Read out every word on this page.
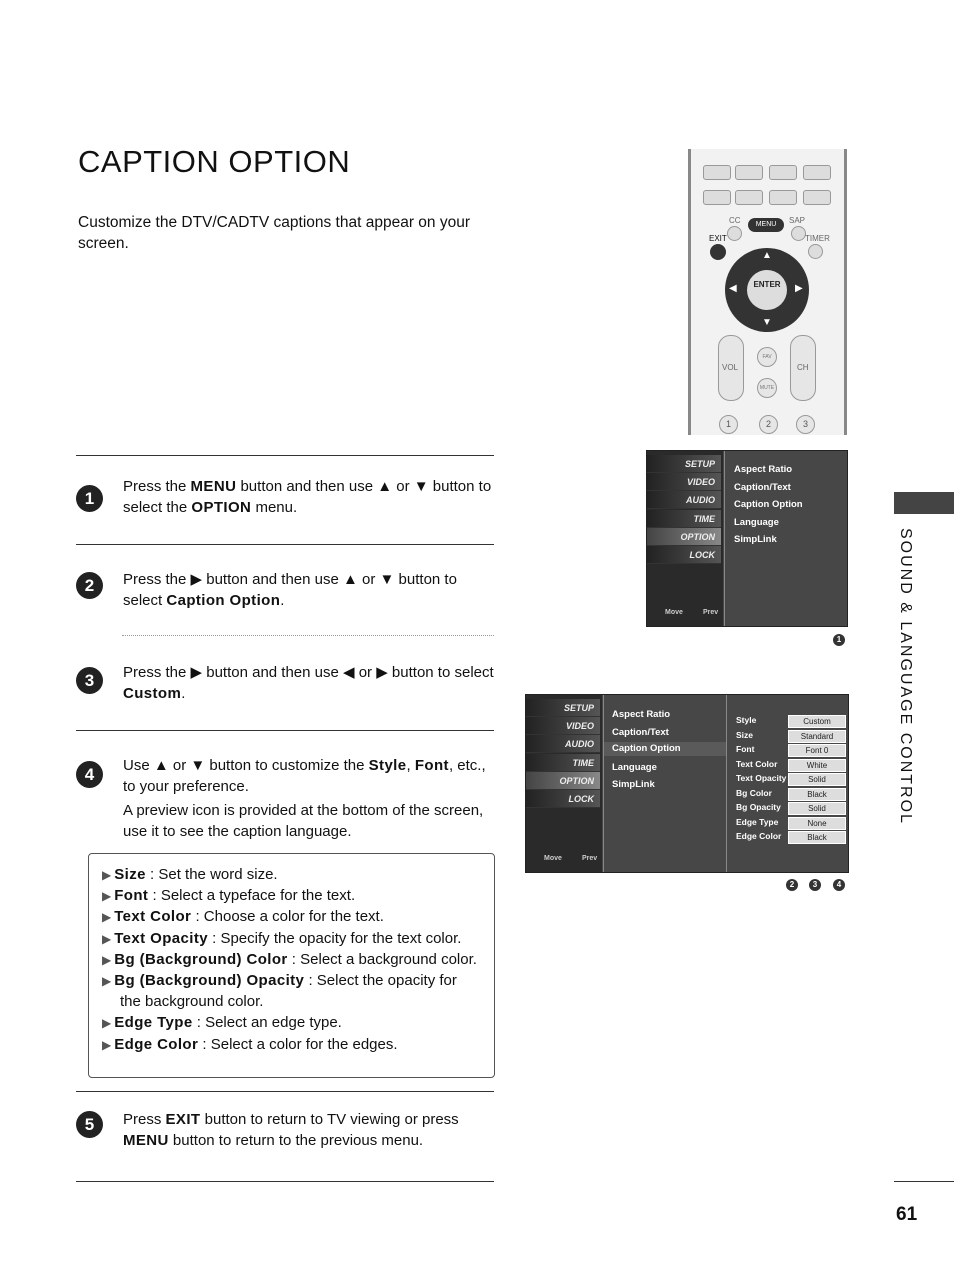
CAPTION OPTION
Customize the DTV/CADTV captions that appear on your screen.
1
Press the MENU button and then use ▲ or ▼ button to select the OPTION menu.
2	Press the ▶ button and then use ▲ or ▼ button to select Caption Option.
3	Press the ▶ button and then use ◀ or ▶ button to select Custom.
4	Use ▲ or ▼ button to customize the Style, Font, etc., to your preference.
A preview icon is provided at the bottom of the screen, use it to see the caption language.
▶ Size : Set the word size.
▶ Font : Select a typeface for the text.
▶ Text Color : Choose a color for the text.
▶ Text Opacity : Specify the opacity for the text color.
▶ Bg (Background) Color : Select a background color.
▶ Bg (Background) Opacity : Select the opacity for
the background color.
▶ Edge Type : Select an edge type.
▶ Edge Color : Select a color for the edges.
5	Press EXIT button to return to TV viewing or press MENU button to return to the previous menu.
SOUND & LANGUAGE CONTROL
61
CC	SAP
MENU
EXIT	TIMER
ENTER
▲
▼
◀	▶
VOL	CH
FAV
MUTE
1	2	3
SETUP
VIDEO
AUDIO
TIME
OPTION
LOCK
Aspect Ratio
Caption/Text
Caption Option
Language
SimpLink
Move	Prev
1
SETUP
VIDEO
AUDIO
TIME
OPTION
LOCK
Aspect Ratio
Caption/Text
Caption Option
Language
SimpLink
Style	Custom
Size	Standard
Font	Font 0
Text Color	White
Text Opacity	Solid
Bg Color	Black
Bg Opacity	Solid
Edge Type	None
Edge Color	Black
Move	Prev
2	3	4
